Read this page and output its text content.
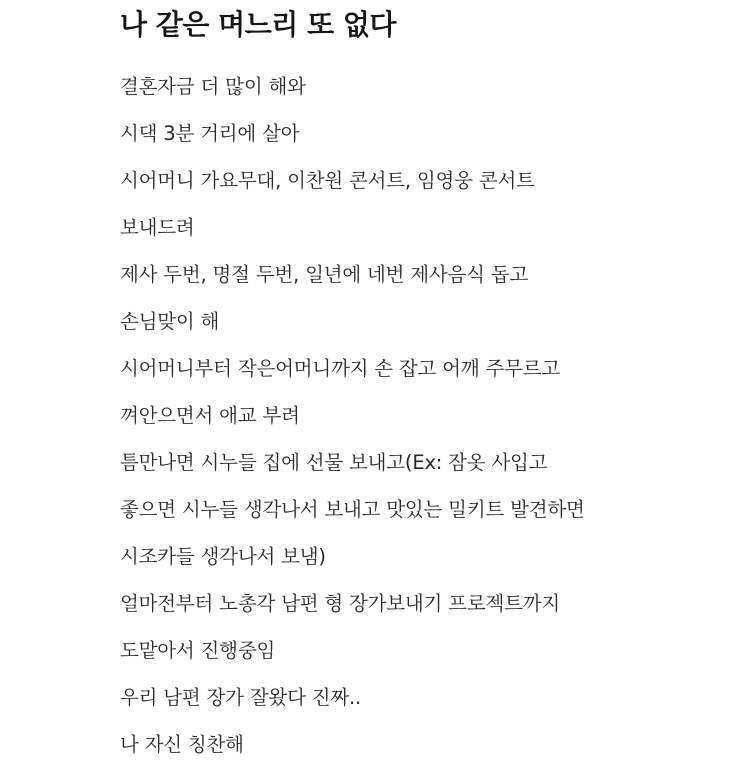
나 같은 며느리 또 없다
결혼자금 더 많이 해와
시댁 3분 거리에 살아
시어머니 가요무대, 이찬원 콘서트, 임영웅 콘서트
보내드려
제사 두번, 명절 두번, 일년에 네번 제사음식 돕고
손님맞이 해
시어머니부터 작은어머니까지 손 잡고 어깨 주무르고
껴안으면서 애교 부려
틈만나면 시누들 집에 선물 보내고(Ex: 잠옷 사입고
좋으면 시누들 생각나서 보내고 맛있는 밀키트 발견하면
시조카들 생각나서 보냄)
얼마전부터 노총각 남편 형 장가보내기 프로젝트까지
도맡아서 진행중임
우리 남편 장가 잘왔다 진짜..
나 자신 칭찬해
